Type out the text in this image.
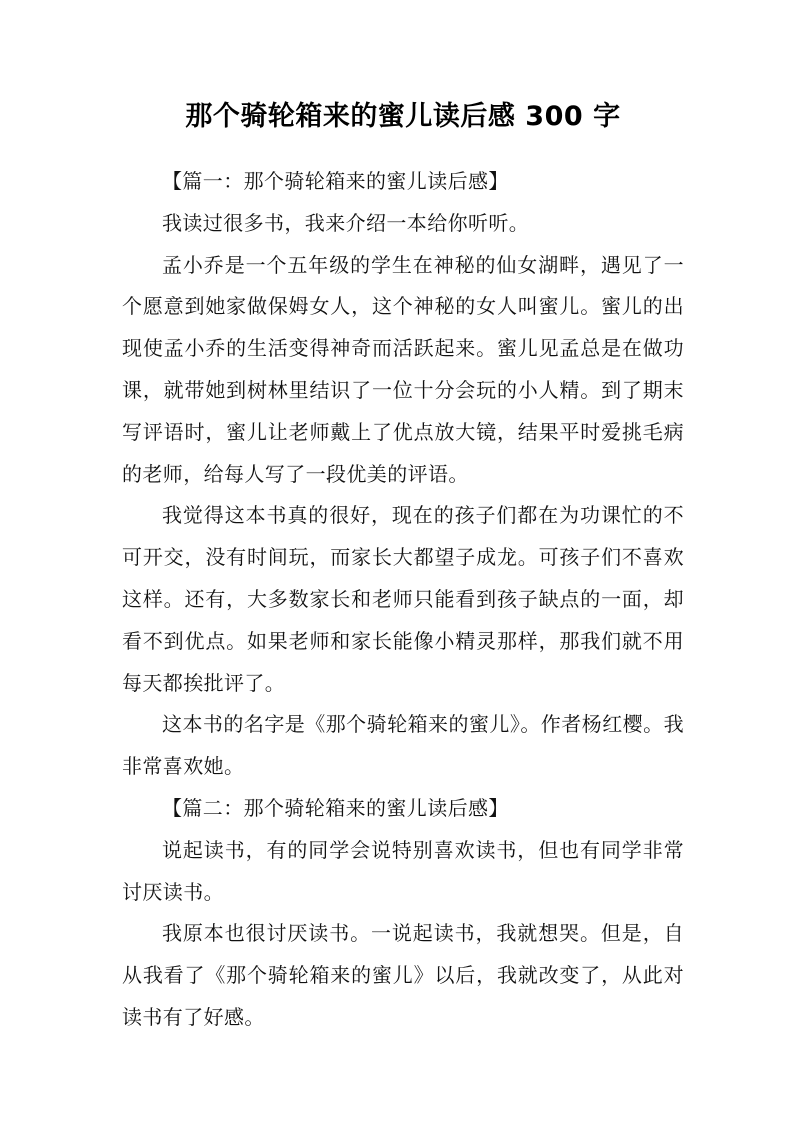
那个骑轮箱来的蜜儿读后感 300 字

【篇一：那个骑轮箱来的蜜儿读后感】

我读过很多书，我来介绍一本给你听听。

孟小乔是一个五年级的学生在神秘的仙女湖畔，遇见了一个愿意到她家做保姆女人，这个神秘的女人叫蜜儿。蜜儿的出现使孟小乔的生活变得神奇而活跃起来。蜜儿见孟总是在做功课，就带她到树林里结识了一位十分会玩的小人精。到了期末写评语时，蜜儿让老师戴上了优点放大镜，结果平时爱挑毛病的老师，给每人写了一段优美的评语。

我觉得这本书真的很好，现在的孩子们都在为功课忙的不可开交，没有时间玩，而家长大都望子成龙。可孩子们不喜欢这样。还有，大多数家长和老师只能看到孩子缺点的一面，却看不到优点。如果老师和家长能像小精灵那样，那我们就不用每天都挨批评了。

这本书的名字是《那个骑轮箱来的蜜儿》。作者杨红樱。我非常喜欢她。

【篇二：那个骑轮箱来的蜜儿读后感】

说起读书，有的同学会说特别喜欢读书，但也有同学非常讨厌读书。

我原本也很讨厌读书。一说起读书，我就想哭。但是，自从我看了《那个骑轮箱来的蜜儿》以后，我就改变了，从此对读书有了好感。
